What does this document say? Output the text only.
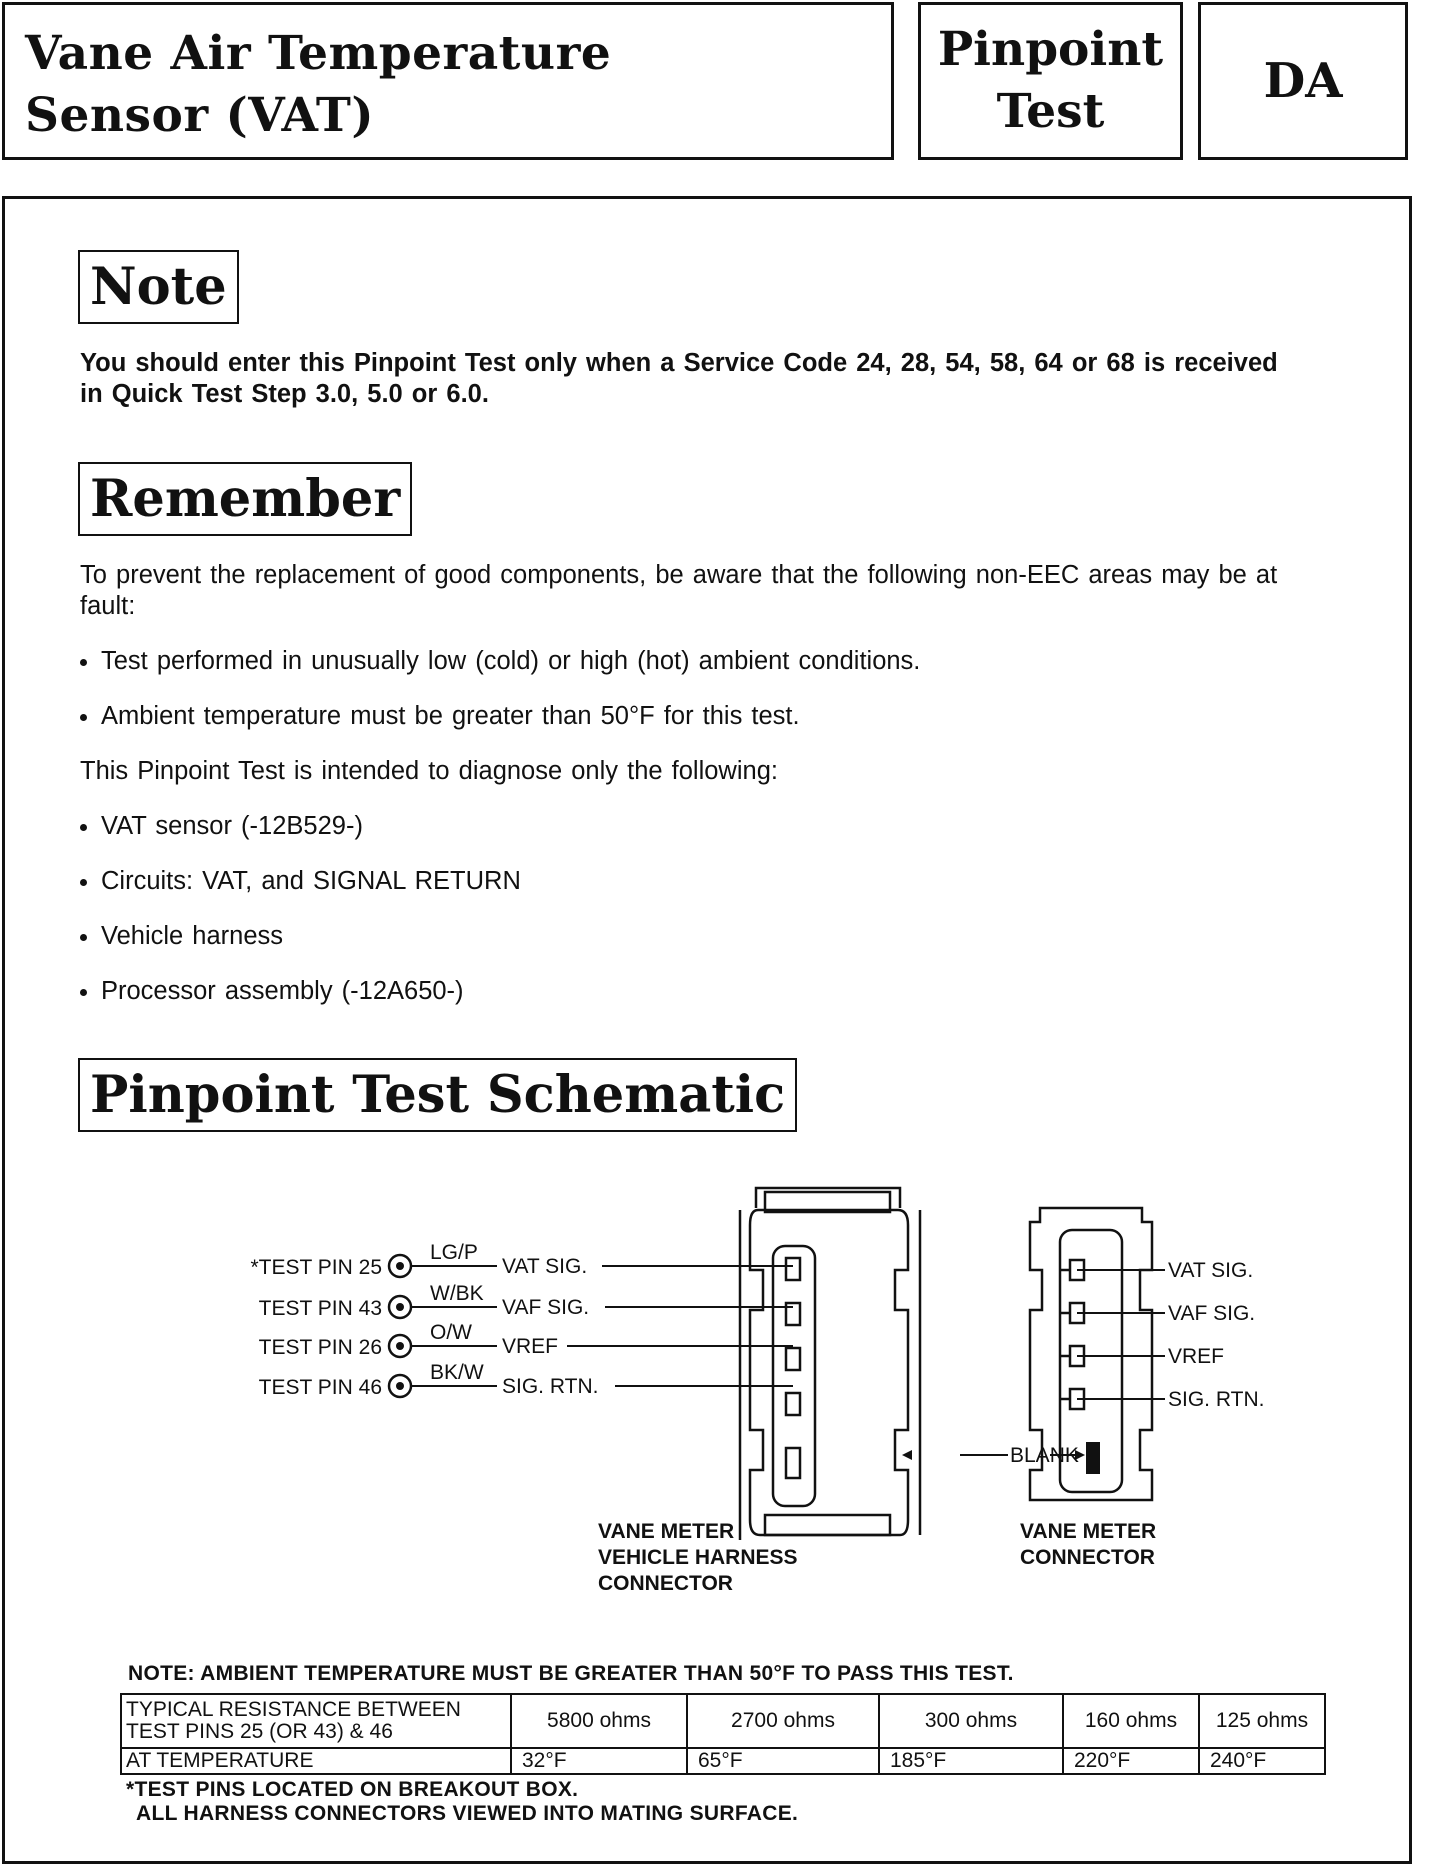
Vane Air Temperature
Sensor (VAT)
Pinpoint
Test
DA
Note
You should enter this Pinpoint Test only when a Service Code 24, 28, 54, 58, 64 or 68 is received in Quick Test Step 3.0, 5.0 or 6.0.
Remember
To prevent the replacement of good components, be aware that the following non-EEC areas may be at fault:
Test performed in unusually low (cold) or high (hot) ambient conditions.
Ambient temperature must be greater than 50°F for this test.
This Pinpoint Test is intended to diagnose only the following:
VAT sensor (-12B529-)
Circuits: VAT, and SIGNAL RETURN
Vehicle harness
Processor assembly (-12A650-)
Pinpoint Test Schematic
*TEST PIN 25
TEST PIN 43
TEST PIN 26
TEST PIN 46
LG/P
W/BK
O/W
BK/W
VAT SIG.
VAF SIG.
VREF
SIG. RTN.
VAT SIG.
VAF SIG.
VREF
SIG. RTN.
BLANK
VANE METER
VEHICLE HARNESS
CONNECTOR
VANE METER
CONNECTOR
NOTE: AMBIENT TEMPERATURE MUST BE GREATER THAN 50°F TO PASS THIS TEST.
TYPICAL RESISTANCE BETWEEN
TEST PINS 25 (OR 43) & 46	5800 ohms	2700 ohms	300 ohms	160 ohms	125 ohms
AT TEMPERATURE	32°F	65°F	185°F	220°F	240°F
*TEST PINS LOCATED ON BREAKOUT BOX.
ALL HARNESS CONNECTORS VIEWED INTO MATING SURFACE.
